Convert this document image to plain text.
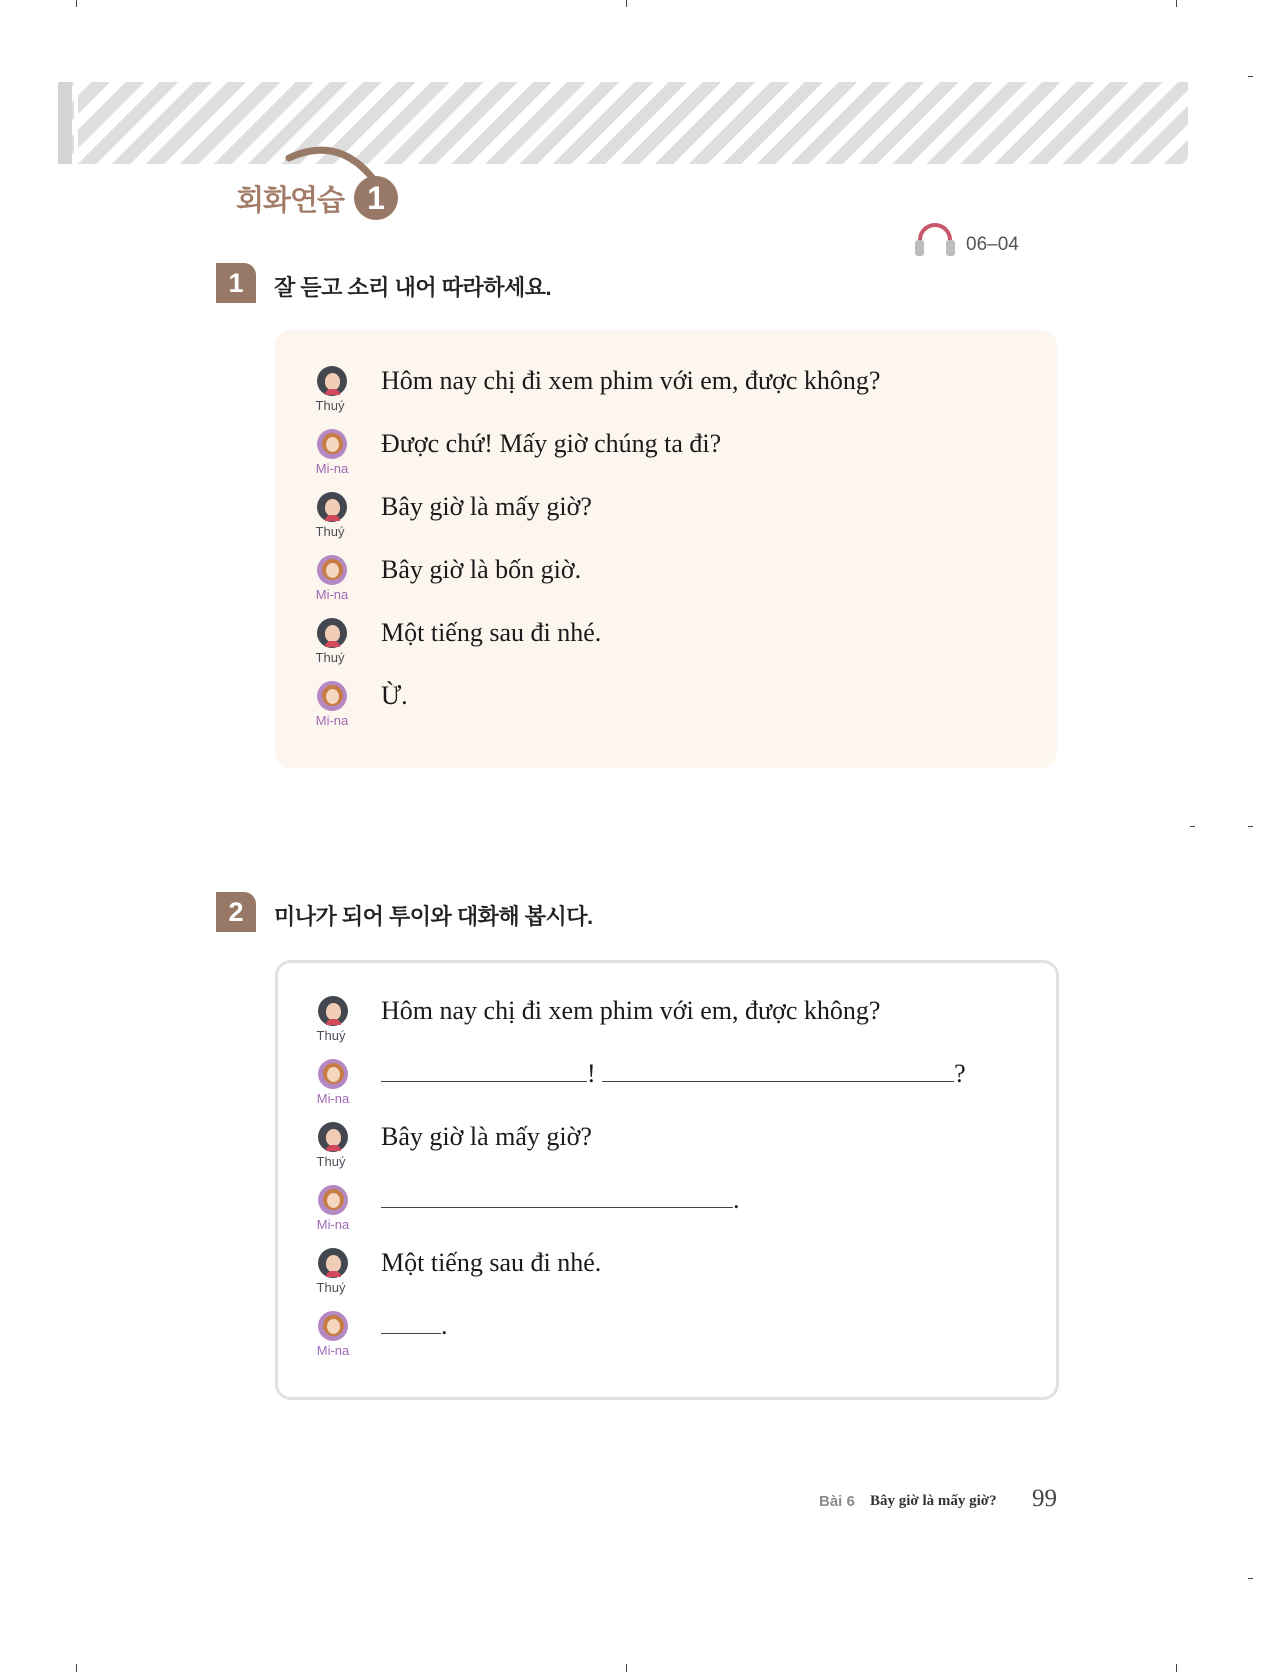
회화연습 1
06–04
1	잘 듣고 소리 내어 따라하세요.
Thuý
Hôm nay chị đi xem phim với em, được không?
Mi-na
Được chứ! Mấy giờ chúng ta đi?
Thuý
Bây giờ là mấy giờ?
Mi-na
Bây giờ là bốn giờ.
Thuý
Một tiếng sau đi nhé.
Mi-na
Ừ.
2	미나가 되어 투이와 대화해 봅시다.
Thuý
Hôm nay chị đi xem phim với em, được không?
Mi-na
!	?
Thuý
Bây giờ là mấy giờ?
Mi-na
.
Thuý
Một tiếng sau đi nhé.
Mi-na
.
Bài 6 Bây giờ là mấy giờ? 99
